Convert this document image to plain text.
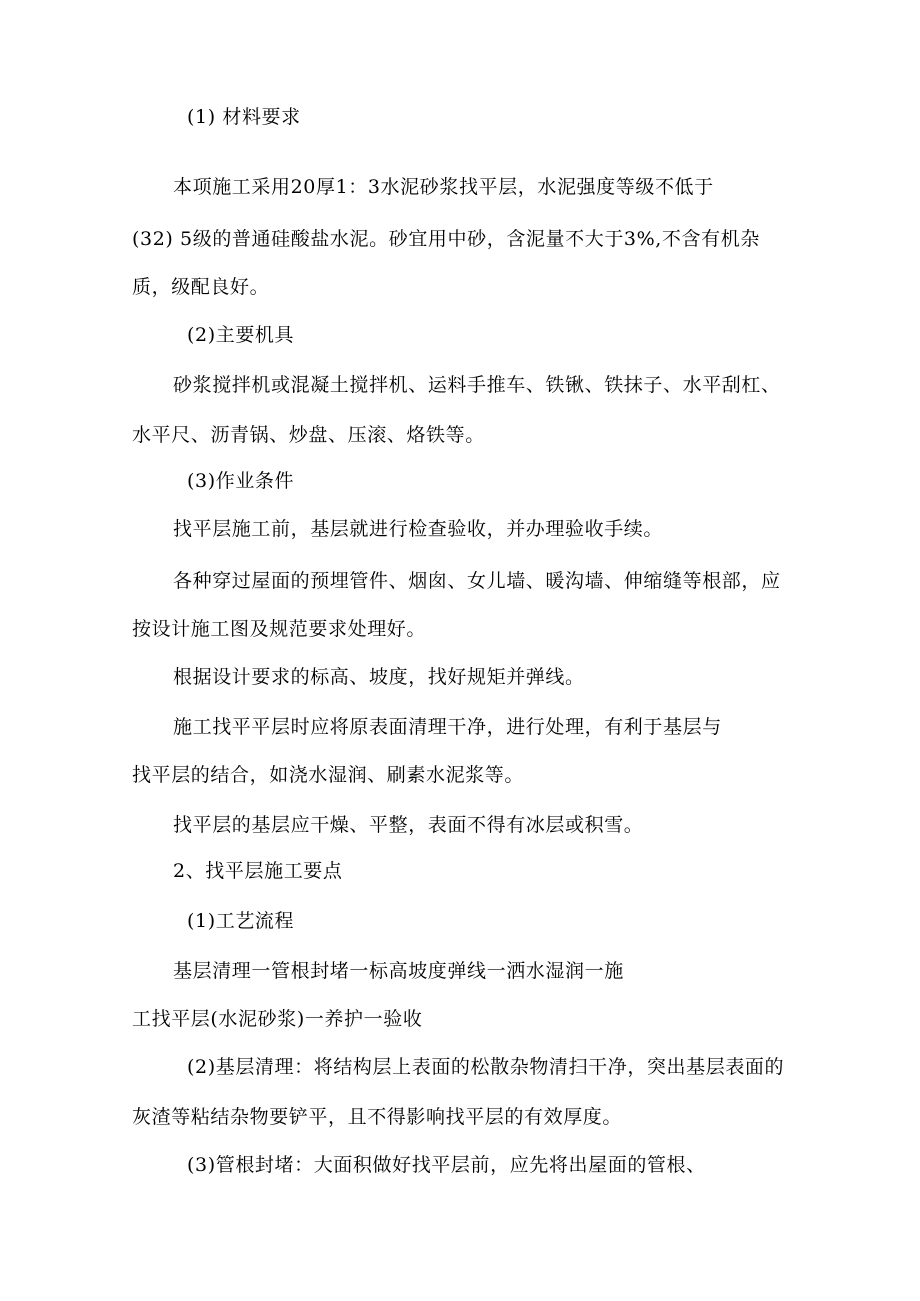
(1) 材料要求
本项施工采用20厚1：3水泥砂浆找平层，水泥强度等级不低于
(32) 5级的普通硅酸盐水泥。砂宜用中砂，含泥量不大于3%,不含有机杂
质，级配良好。
(2)主要机具
砂浆搅拌机或混凝土搅拌机、运料手推车、铁锹、铁抹子、水平刮杠、
水平尺、沥青锅、炒盘、压滚、烙铁等。
(3)作业条件
找平层施工前，基层就进行检查验收，并办理验收手续。
各种穿过屋面的预埋管件、烟囱、女儿墙、暖沟墙、伸缩缝等根部，应
按设计施工图及规范要求处理好。
根据设计要求的标高、坡度，找好规矩并弹线。
施工找平平层时应将原表面清理干净，进行处理，有利于基层与
找平层的结合，如浇水湿润、刷素水泥浆等。
找平层的基层应干燥、平整，表面不得有冰层或积雪。
2、找平层施工要点
(1)工艺流程
基层清理一管根封堵一标高坡度弹线一洒水湿润一施
工找平层(水泥砂浆)一养护一验收
(2)基层清理：将结构层上表面的松散杂物清扫干净，突出基层表面的
灰渣等粘结杂物要铲平，且不得影响找平层的有效厚度。
(3)管根封堵：大面积做好找平层前，应先将出屋面的管根、
